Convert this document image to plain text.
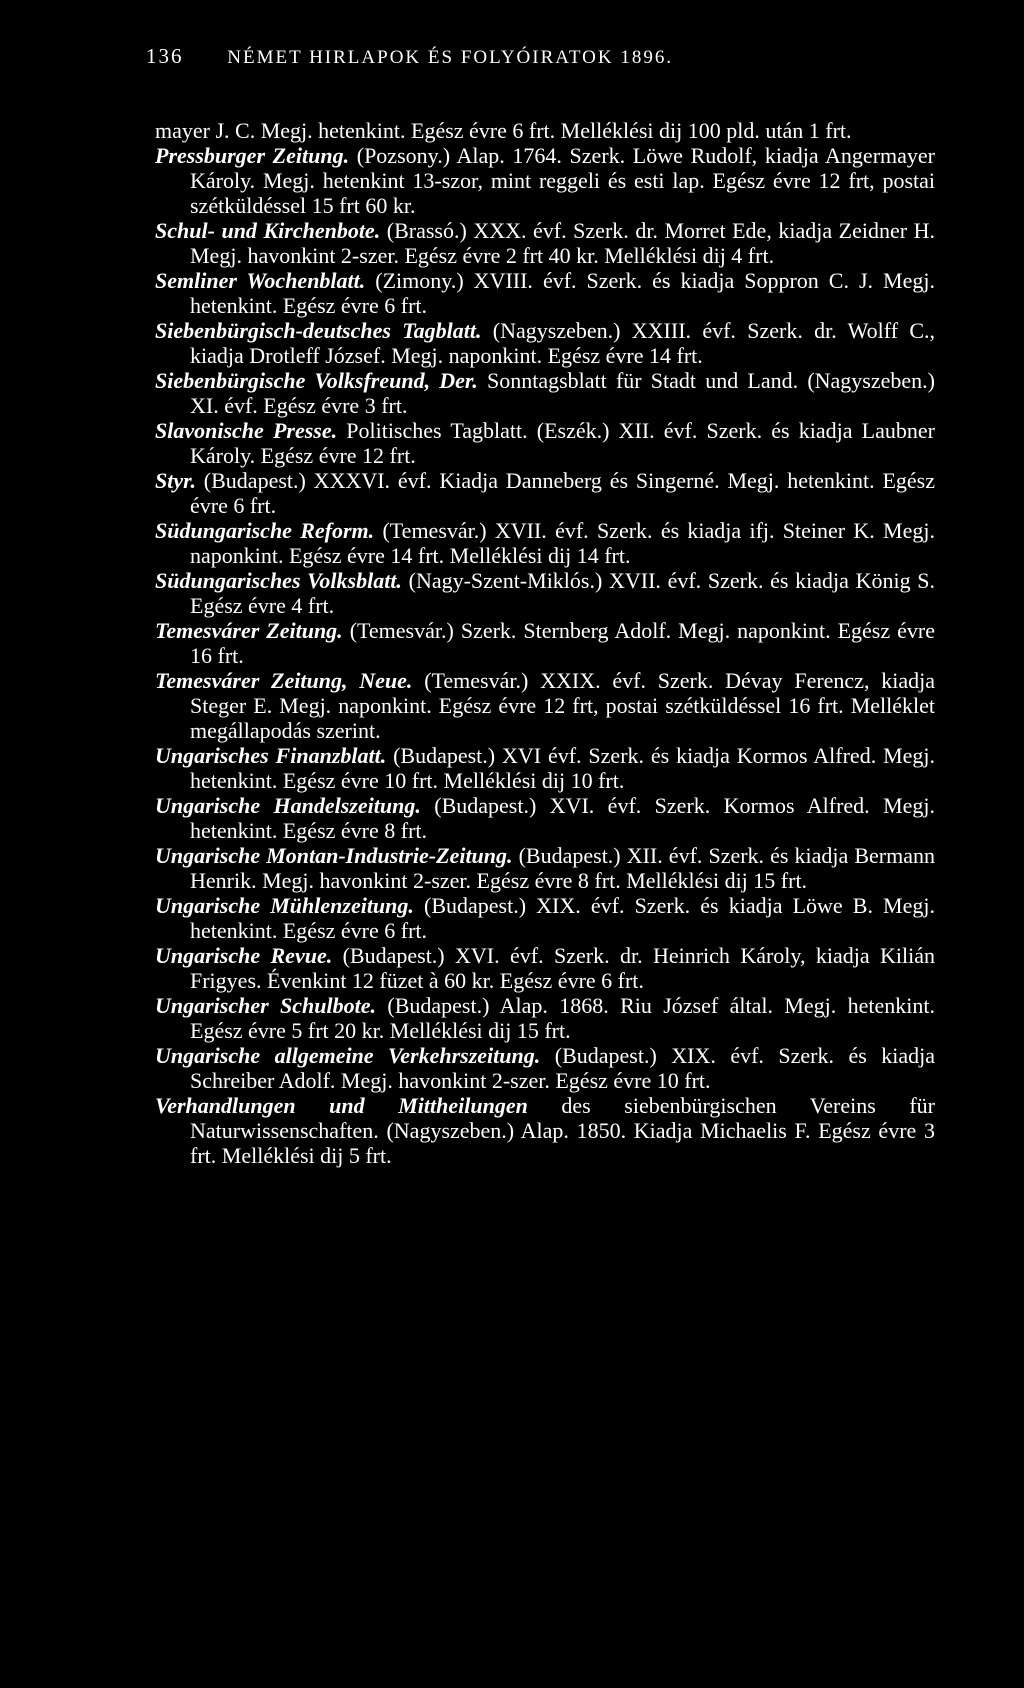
136 NÉMET HIRLAPOK ÉS FOLYÓIRATOK 1896.

mayer J. C. Megj. hetenkint. Egész évre 6 frt. Melléklési dij 100 pld. után 1 frt.

Pressburger Zeitung. (Pozsony.) Alap. 1764. Szerk. Löwe Rudolf, kiadja Angermayer Károly. Megj. hetenkint 13-szor, mint reggeli és esti lap. Egész évre 12 frt, postai szétküldéssel 15 frt 60 kr.

Schul- und Kirchenbote. (Brassó.) XXX. évf. Szerk. dr. Morret Ede, kiadja Zeidner H. Megj. havonkint 2-szer. Egész évre 2 frt 40 kr. Melléklési dij 4 frt.

Semliner Wochenblatt. (Zimony.) XVIII. évf. Szerk. és kiadja Soppron C. J. Megj. hetenkint. Egész évre 6 frt.

Siebenbürgisch-deutsches Tagblatt. (Nagyszeben.) XXIII. évf. Szerk. dr. Wolff C., kiadja Drotleff József. Megj. naponkint. Egész évre 14 frt.

Siebenbürgische Volksfreund, Der. Sonntagsblatt für Stadt und Land. (Nagyszeben.) XI. évf. Egész évre 3 frt.

Slavonische Presse. Politisches Tagblatt. (Eszék.) XII. évf. Szerk. és kiadja Laubner Károly. Egész évre 12 frt.

Styr. (Budapest.) XXXVI. évf. Kiadja Danneberg és Singerné. Megj. hetenkint. Egész évre 6 frt.

Südungarische Reform. (Temesvár.) XVII. évf. Szerk. és kiadja ifj. Steiner K. Megj. naponkint. Egész évre 14 frt. Melléklési dij 14 frt.

Südungarisches Volksblatt. (Nagy-Szent-Miklós.) XVII. évf. Szerk. és kiadja König S. Egész évre 4 frt.

Temesvárer Zeitung. (Temesvár.) Szerk. Sternberg Adolf. Megj. naponkint. Egész évre 16 frt.

Temesvárer Zeitung, Neue. (Temesvár.) XXIX. évf. Szerk. Dévay Ferencz, kiadja Steger E. Megj. naponkint. Egész évre 12 frt, postai szétküldéssel 16 frt. Melléklet megállapodás szerint.

Ungarisches Finanzblatt. (Budapest.) XVI évf. Szerk. és kiadja Kormos Alfred. Megj. hetenkint. Egész évre 10 frt. Melléklési dij 10 frt.

Ungarische Handelszeitung. (Budapest.) XVI. évf. Szerk. Kormos Alfred. Megj. hetenkint. Egész évre 8 frt.

Ungarische Montan-Industrie-Zeitung. (Budapest.) XII. évf. Szerk. és kiadja Bermann Henrik. Megj. havonkint 2-szer. Egész évre 8 frt. Melléklési dij 15 frt.

Ungarische Mühlenzeitung. (Budapest.) XIX. évf. Szerk. és kiadja Löwe B. Megj. hetenkint. Egész évre 6 frt.

Ungarische Revue. (Budapest.) XVI. évf. Szerk. dr. Heinrich Károly, kiadja Kilián Frigyes. Évenkint 12 füzet à 60 kr. Egész évre 6 frt.

Ungarischer Schulbote. (Budapest.) Alap. 1868. Riu József által. Megj. hetenkint. Egész évre 5 frt 20 kr. Melléklési dij 15 frt.

Ungarische allgemeine Verkehrszeitung. (Budapest.) XIX. évf. Szerk. és kiadja Schreiber Adolf. Megj. havonkint 2-szer. Egész évre 10 frt.

Verhandlungen und Mittheilungen des siebenbürgischen Vereins für Naturwissenschaften. (Nagyszeben.) Alap. 1850. Kiadja Michaelis F. Egész évre 3 frt. Melléklési dij 5 frt.
